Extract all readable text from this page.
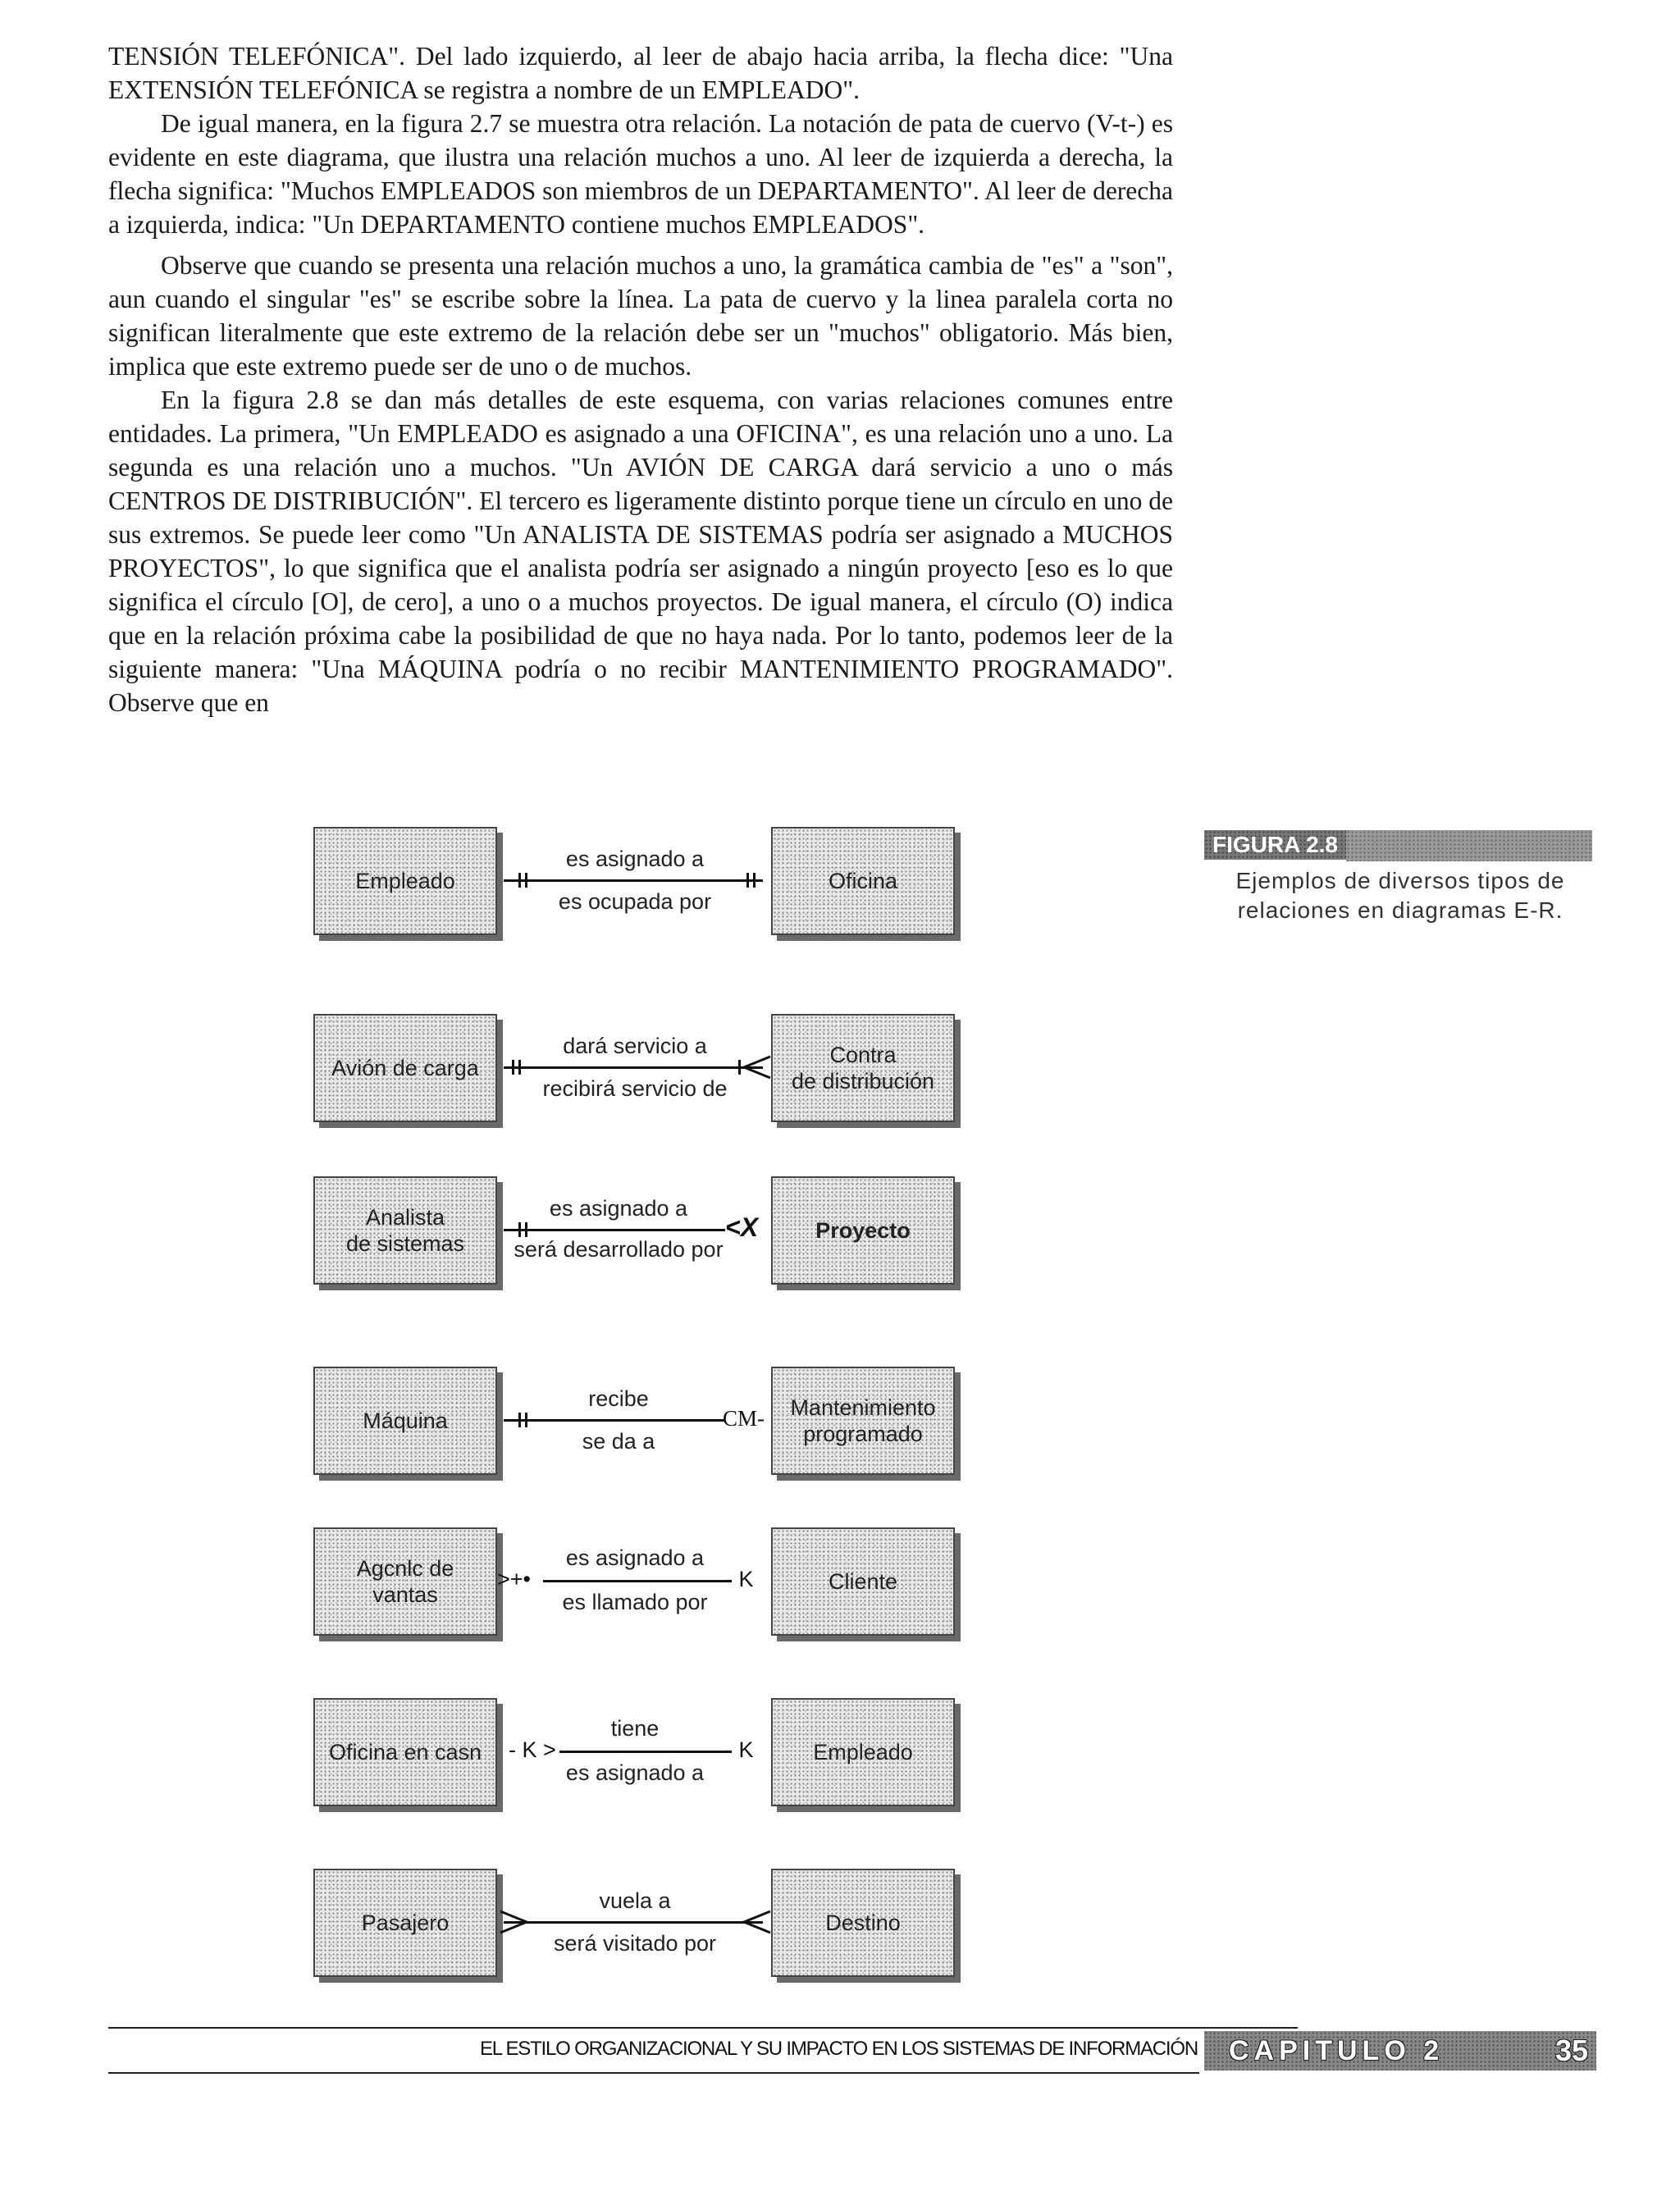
TENSIÓN TELEFÓNICA". Del lado izquierdo, al leer de abajo hacia arriba, la flecha dice: "Una EXTENSIÓN TELEFÓNICA se registra a nombre de un EMPLEADO".

De igual manera, en la figura 2.7 se muestra otra relación. La notación de pata de cuervo (V-t-) es evidente en este diagrama, que ilustra una relación muchos a uno. Al leer de izquierda a derecha, la flecha significa: "Muchos EMPLEADOS son miembros de un DEPARTAMENTO". Al leer de derecha a izquierda, indica: "Un DEPARTAMENTO contiene muchos EMPLEADOS".

Observe que cuando se presenta una relación muchos a uno, la gramática cambia de "es" a "son", aun cuando el singular "es" se escribe sobre la línea. La pata de cuervo y la linea paralela corta no significan literalmente que este extremo de la relación debe ser un "muchos" obligatorio. Más bien, implica que este extremo puede ser de uno o de muchos.

En la figura 2.8 se dan más detalles de este esquema, con varias relaciones comunes entre entidades. La primera, "Un EMPLEADO es asignado a una OFICINA", es una relación uno a uno. La segunda es una relación uno a muchos. "Un AVIÓN DE CARGA dará servicio a uno o más CENTROS DE DISTRIBUCIÓN". El tercero es ligeramente distinto porque tiene un círculo en uno de sus extremos. Se puede leer como "Un ANALISTA DE SISTEMAS podría ser asignado a MUCHOS PROYECTOS", lo que significa que el analista podría ser asignado a ningún proyecto [eso es lo que significa el círculo [O], de cero], a uno o a muchos proyectos. De igual manera, el círculo (O) indica que en la relación próxima cabe la posibilidad de que no haya nada. Por lo tanto, podemos leer de la siguiente manera: "Una MÁQUINA podría o no recibir MANTENIMIENTO PROGRAMADO". Observe que en

Empleado
es asignado a
es ocupada por
Oficina
Avión de carga
dará servicio a
recibirá servicio de
Contra
de distribución
Analista
de sistemas
<X
es asignado a
será desarrollado por
Proyecto
Máquina	-CM-
recibe
se da a
Mantenimiento
programado
Agcnlc de
vantas
>+•	- K
es asignado a
es llamado por
Cliente
Oficina en casn - K >	- K
tiene
es asignado a
Empleado
Pasajero
vuela a
será visitado por
Destino
FIGURA 2.8
Ejemplos de diversos tipos de relaciones en diagramas E-R.
EL ESTILO ORGANIZACIONAL Y SU IMPACTO EN LOS SISTEMAS DE INFORMACIÓN CAPITULO 2	35
